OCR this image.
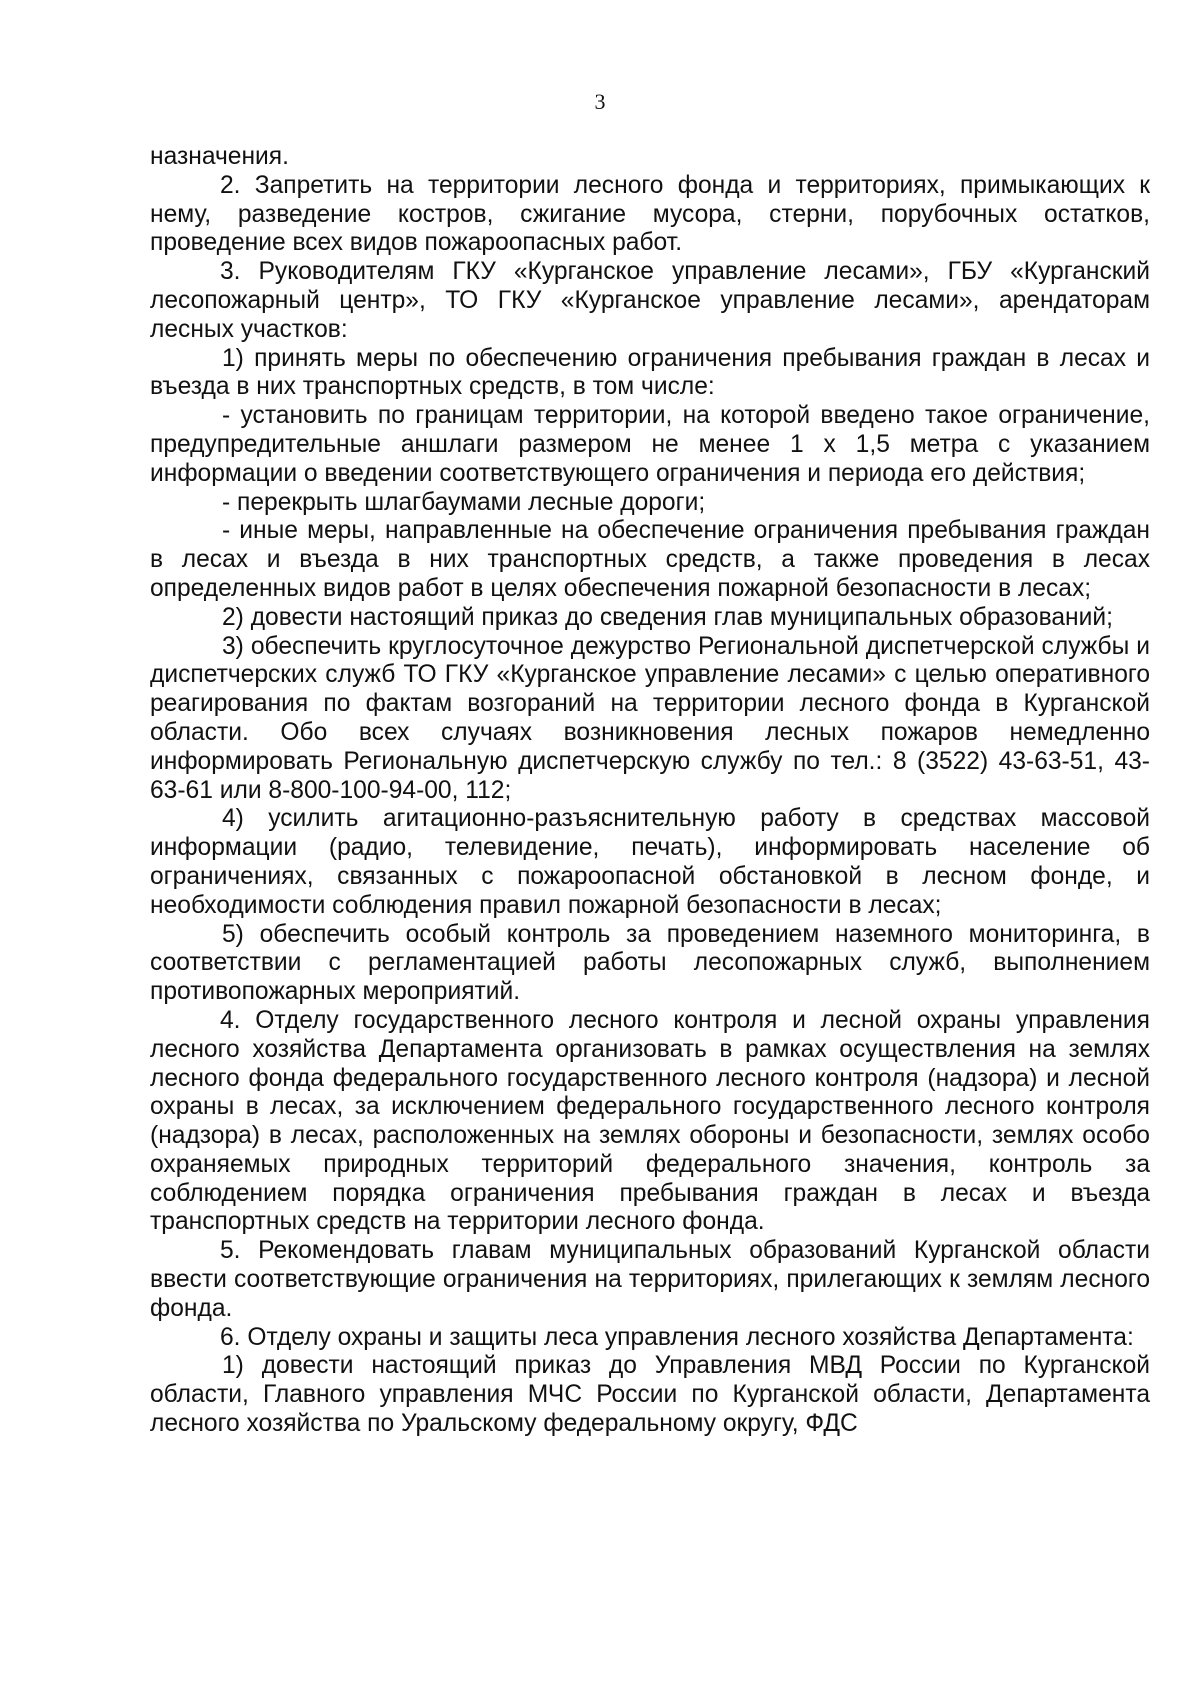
3

назначения.

2. Запретить на территории лесного фонда и территориях, примыкающих к нему, разведение костров, сжигание мусора, стерни, порубочных остатков, проведение всех видов пожароопасных работ.

3. Руководителям ГКУ «Курганское управление лесами», ГБУ «Курганский лесопожарный центр», ТО ГКУ «Курганское управление лесами», арендаторам лесных участков:

1) принять меры по обеспечению ограничения пребывания граждан в лесах и въезда в них транспортных средств, в том числе:

- установить по границам территории, на которой введено такое ограничение, предупредительные аншлаги размером не менее 1 х 1,5 метра с указанием информации о введении соответствующего ограничения и периода его действия;

- перекрыть шлагбаумами лесные дороги;

- иные меры, направленные на обеспечение ограничения пребывания граждан в лесах и въезда в них транспортных средств, а также проведения в лесах определенных видов работ в целях обеспечения пожарной безопасности в лесах;

2) довести настоящий приказ до сведения глав муниципальных образований;

3) обеспечить круглосуточное дежурство Региональной диспетчерской службы и диспетчерских служб ТО ГКУ «Курганское управление лесами» с целью оперативного реагирования по фактам возгораний на территории лесного фонда в Курганской области. Обо всех случаях возникновения лесных пожаров немедленно информировать Региональную диспетчерскую службу по тел.: 8 (3522) 43-63-51, 43-63-61 или 8-800-100-94-00, 112;

4) усилить агитационно-разъяснительную работу в средствах массовой информации (радио, телевидение, печать), информировать население об ограничениях, связанных с пожароопасной обстановкой в лесном фонде, и необходимости соблюдения правил пожарной безопасности в лесах;

5) обеспечить особый контроль за проведением наземного мониторинга, в соответствии с регламентацией работы лесопожарных служб, выполнением противопожарных мероприятий.

4. Отделу государственного лесного контроля и лесной охраны управления лесного хозяйства Департамента организовать в рамках осуществления на землях лесного фонда федерального государственного лесного контроля (надзора) и лесной охраны в лесах, за исключением федерального государственного лесного контроля (надзора) в лесах, расположенных на землях обороны и безопасности, землях особо охраняемых природных территорий федерального значения, контроль за соблюдением порядка ограничения пребывания граждан в лесах и въезда транспортных средств на территории лесного фонда.

5. Рекомендовать главам муниципальных образований Курганской области ввести соответствующие ограничения на территориях, прилегающих к землям лесного фонда.

6. Отделу охраны и защиты леса управления лесного хозяйства Департамента:

1) довести настоящий приказ до Управления МВД России по Курганской области, Главного управления МЧС России по Курганской области, Департамента лесного хозяйства по Уральскому федеральному округу, ФДС
